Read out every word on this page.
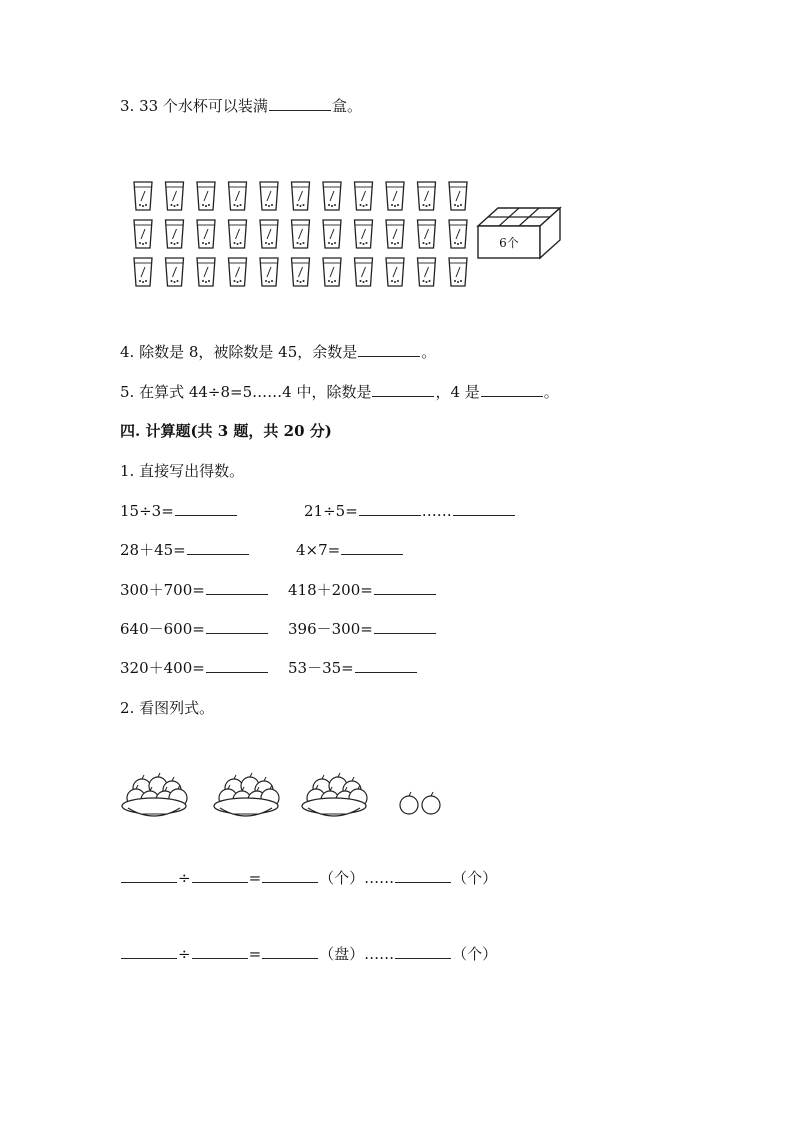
3. 33 个水杯可以装满	盒。
6个
4. 除数是 8，被除数是 45，余数是	。
5. 在算式 44÷8=5……4 中，除数是	，4 是	。
四. 计算题(共 3 题，共 20 分)
1. 直接写出得数。
15÷3=	21÷5=	……
28＋45=	4×7=
300＋700=	418＋200=
640－600=	396－300=
320＋400=	53－35=
2. 看图列式。
÷	=	（个）……	（个）
÷	=	（盘）……	（个）
